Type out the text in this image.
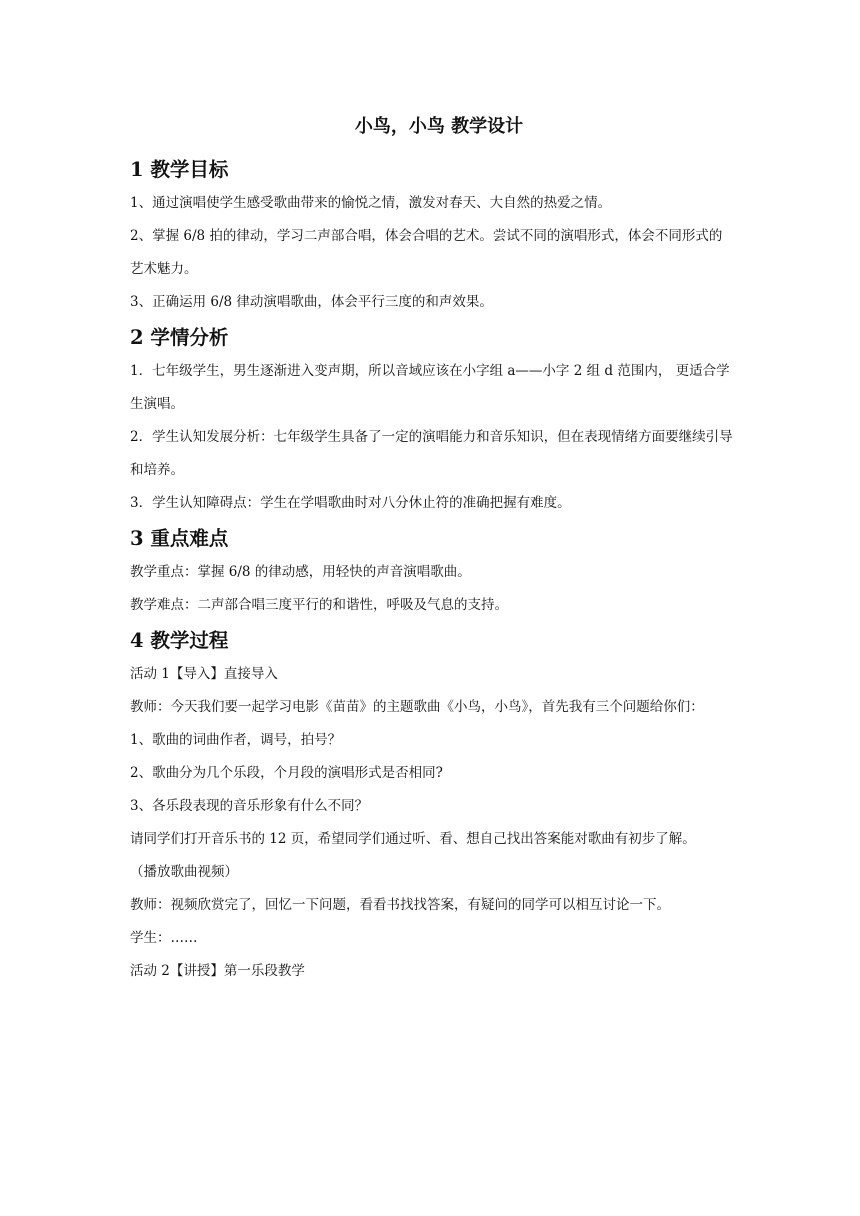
小鸟，小鸟 教学设计
1 教学目标

1、通过演唱使学生感受歌曲带来的愉悦之情，激发对春天、大自然的热爱之情。

2、掌握 6/8 拍的律动，学习二声部合唱，体会合唱的艺术。尝试不同的演唱形式，体会不同形式的艺术魅力。

3、正确运用 6/8 律动演唱歌曲，体会平行三度的和声效果。

2 学情分析

1．七年级学生，男生逐渐进入变声期，所以音域应该在小字组 a——小字 2 组 d 范围内， 更适合学生演唱。

2．学生认知发展分析：七年级学生具备了一定的演唱能力和音乐知识，但在表现情绪方面要继续引导和培养。

3．学生认知障碍点：学生在学唱歌曲时对八分休止符的准确把握有难度。

3 重点难点

教学重点：掌握 6/8 的律动感，用轻快的声音演唱歌曲。

教学难点：二声部合唱三度平行的和谐性，呼吸及气息的支持。

4 教学过程

活动 1【导入】直接导入

教师：今天我们要一起学习电影《苗苗》的主题歌曲《小鸟，小鸟》，首先我有三个问题给你们：

1、歌曲的词曲作者，调号，拍号？

2、歌曲分为几个乐段，个月段的演唱形式是否相同?

3、各乐段表现的音乐形象有什么不同？

请同学们打开音乐书的 12 页，希望同学们通过听、看、想自己找出答案能对歌曲有初步了解。

（播放歌曲视频）

教师：视频欣赏完了，回忆一下问题，看看书找找答案，有疑问的同学可以相互讨论一下。

学生：……

活动 2【讲授】第一乐段教学
